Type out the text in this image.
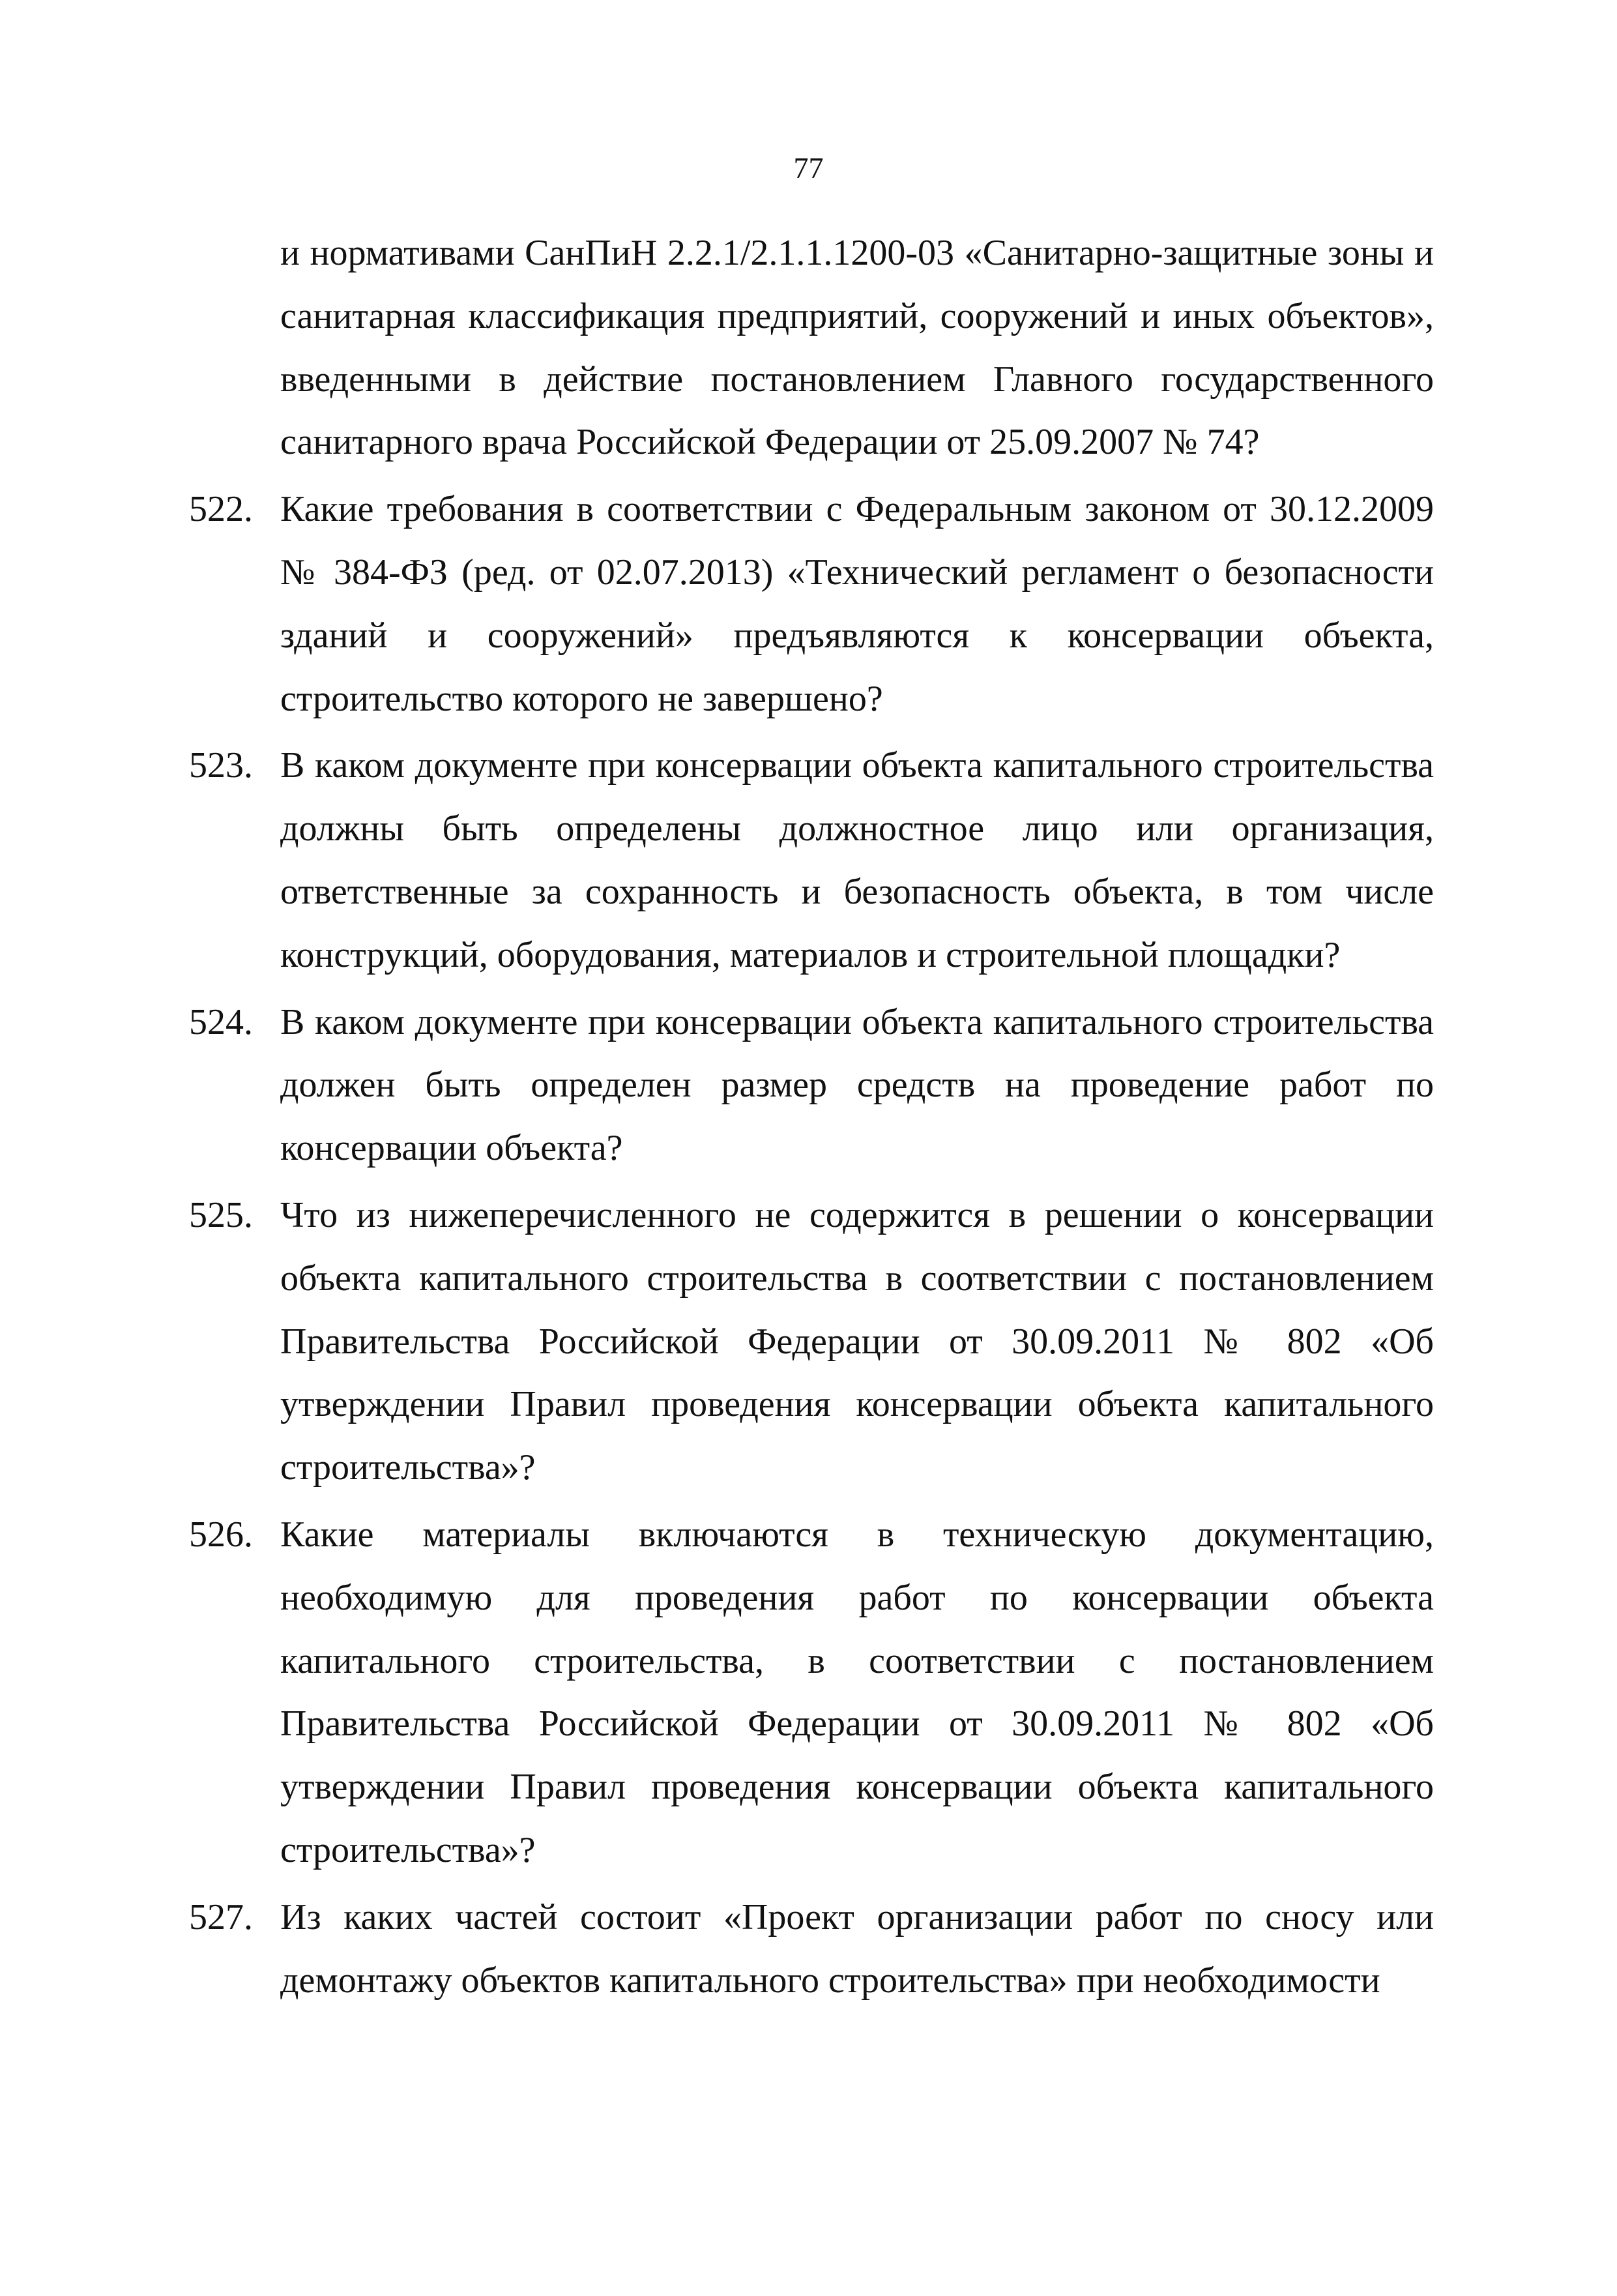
77
и нормативами СанПиН 2.2.1/2.1.1.1200-03 «Санитарно-защитные зоны и санитарная классификация предприятий, сооружений и иных объектов», введенными в действие постановлением Главного государственного санитарного врача Российской Федерации от 25.09.2007 № 74?
522. Какие требования в соответствии с Федеральным законом от 30.12.2009 № 384-ФЗ (ред. от 02.07.2013) «Технический регламент о безопасности зданий и сооружений» предъявляются к консервации объекта, строительство которого не завершено?
523. В каком документе при консервации объекта капитального строительства должны быть определены должностное лицо или организация, ответственные за сохранность и безопасность объекта, в том числе конструкций, оборудования, материалов и строительной площадки?
524. В каком документе при консервации объекта капитального строительства должен быть определен размер средств на проведение работ по консервации объекта?
525. Что из нижеперечисленного не содержится в решении о консервации объекта капитального строительства в соответствии с постановлением Правительства Российской Федерации от 30.09.2011 № 802 «Об утверждении Правил проведения консервации объекта капитального строительства»?
526. Какие материалы включаются в техническую документацию, необходимую для проведения работ по консервации объекта капитального строительства, в соответствии с постановлением Правительства Российской Федерации от 30.09.2011 № 802 «Об утверждении Правил проведения консервации объекта капитального строительства»?
527. Из каких частей состоит «Проект организации работ по сносу или демонтажу объектов капитального строительства» при необходимости
